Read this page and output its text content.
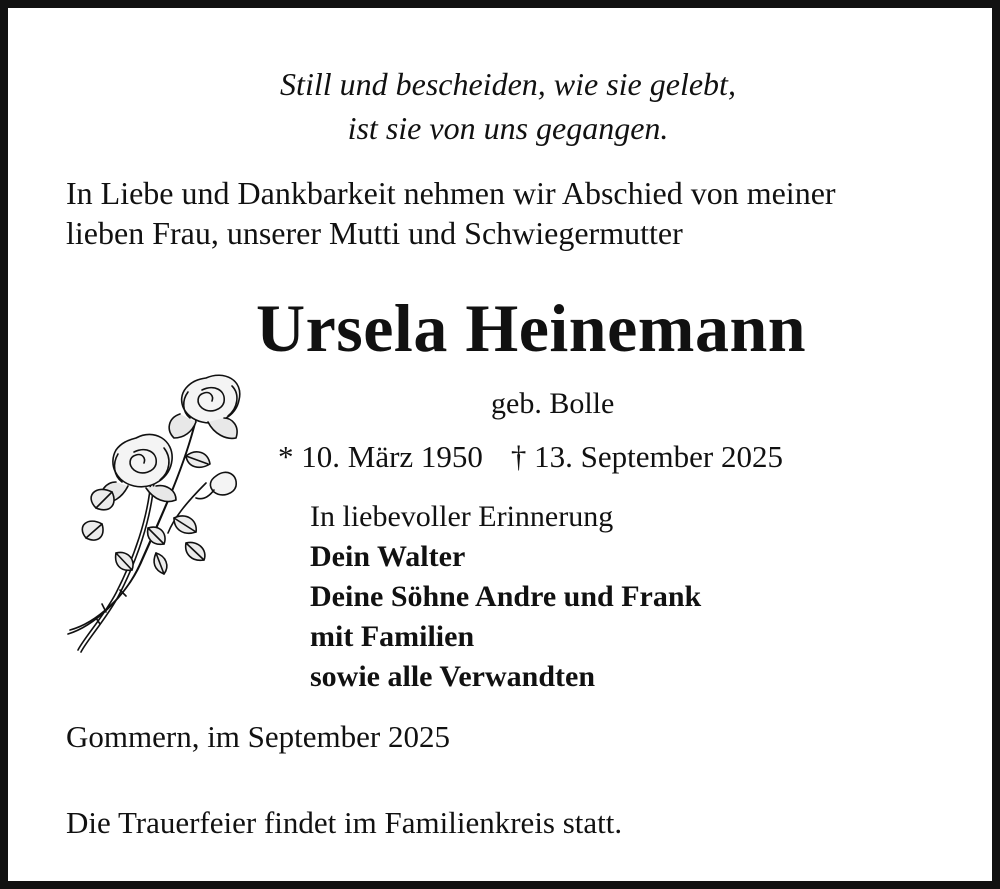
Still und bescheiden, wie sie gelebt,
ist sie von uns gegangen.
In Liebe und Dankbarkeit nehmen wir Abschied von meiner
lieben Frau, unserer Mutti und Schwiegermutter
Ursela Heinemann
geb. Bolle
* 10. März 1950 † 13. September 2025
In liebevoller Erinnerung
Dein Walter
Deine Söhne Andre und Frank
mit Familien
sowie alle Verwandten
Gommern, im September 2025
Die Trauerfeier findet im Familienkreis statt.
